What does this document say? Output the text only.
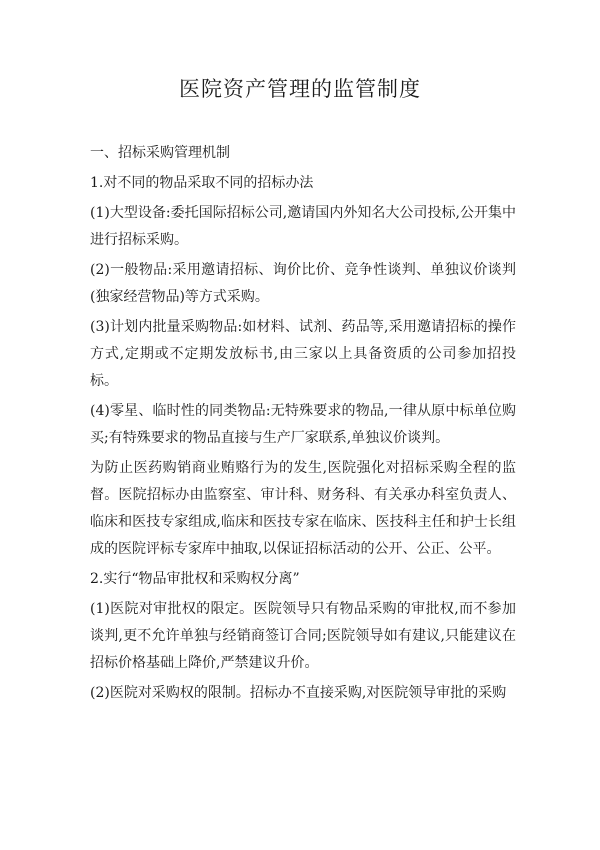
医院资产管理的监管制度

一、招标采购管理机制

1.对不同的物品采取不同的招标办法

(1)大型设备:委托国际招标公司,邀请国内外知名大公司投标,公开集中进行招标采购。

(2)一般物品:采用邀请招标、询价比价、竞争性谈判、单独议价谈判(独家经营物品)等方式采购。

(3)计划内批量采购物品:如材料、试剂、药品等,采用邀请招标的操作方式,定期或不定期发放标书,由三家以上具备资质的公司参加招投标。

(4)零星、临时性的同类物品:无特殊要求的物品,一律从原中标单位购买;有特殊要求的物品直接与生产厂家联系,单独议价谈判。

为防止医药购销商业贿赂行为的发生,医院强化对招标采购全程的监督。医院招标办由监察室、审计科、财务科、有关承办科室负责人、临床和医技专家组成,临床和医技专家在临床、医技科主任和护士长组成的医院评标专家库中抽取,以保证招标活动的公开、公正、公平。

2.实行“物品审批权和采购权分离”

(1)医院对审批权的限定。医院领导只有物品采购的审批权,而不参加谈判,更不允许单独与经销商签订合同;医院领导如有建议,只能建议在招标价格基础上降价,严禁建议升价。

(2)医院对采购权的限制。招标办不直接采购,对医院领导审批的采购
